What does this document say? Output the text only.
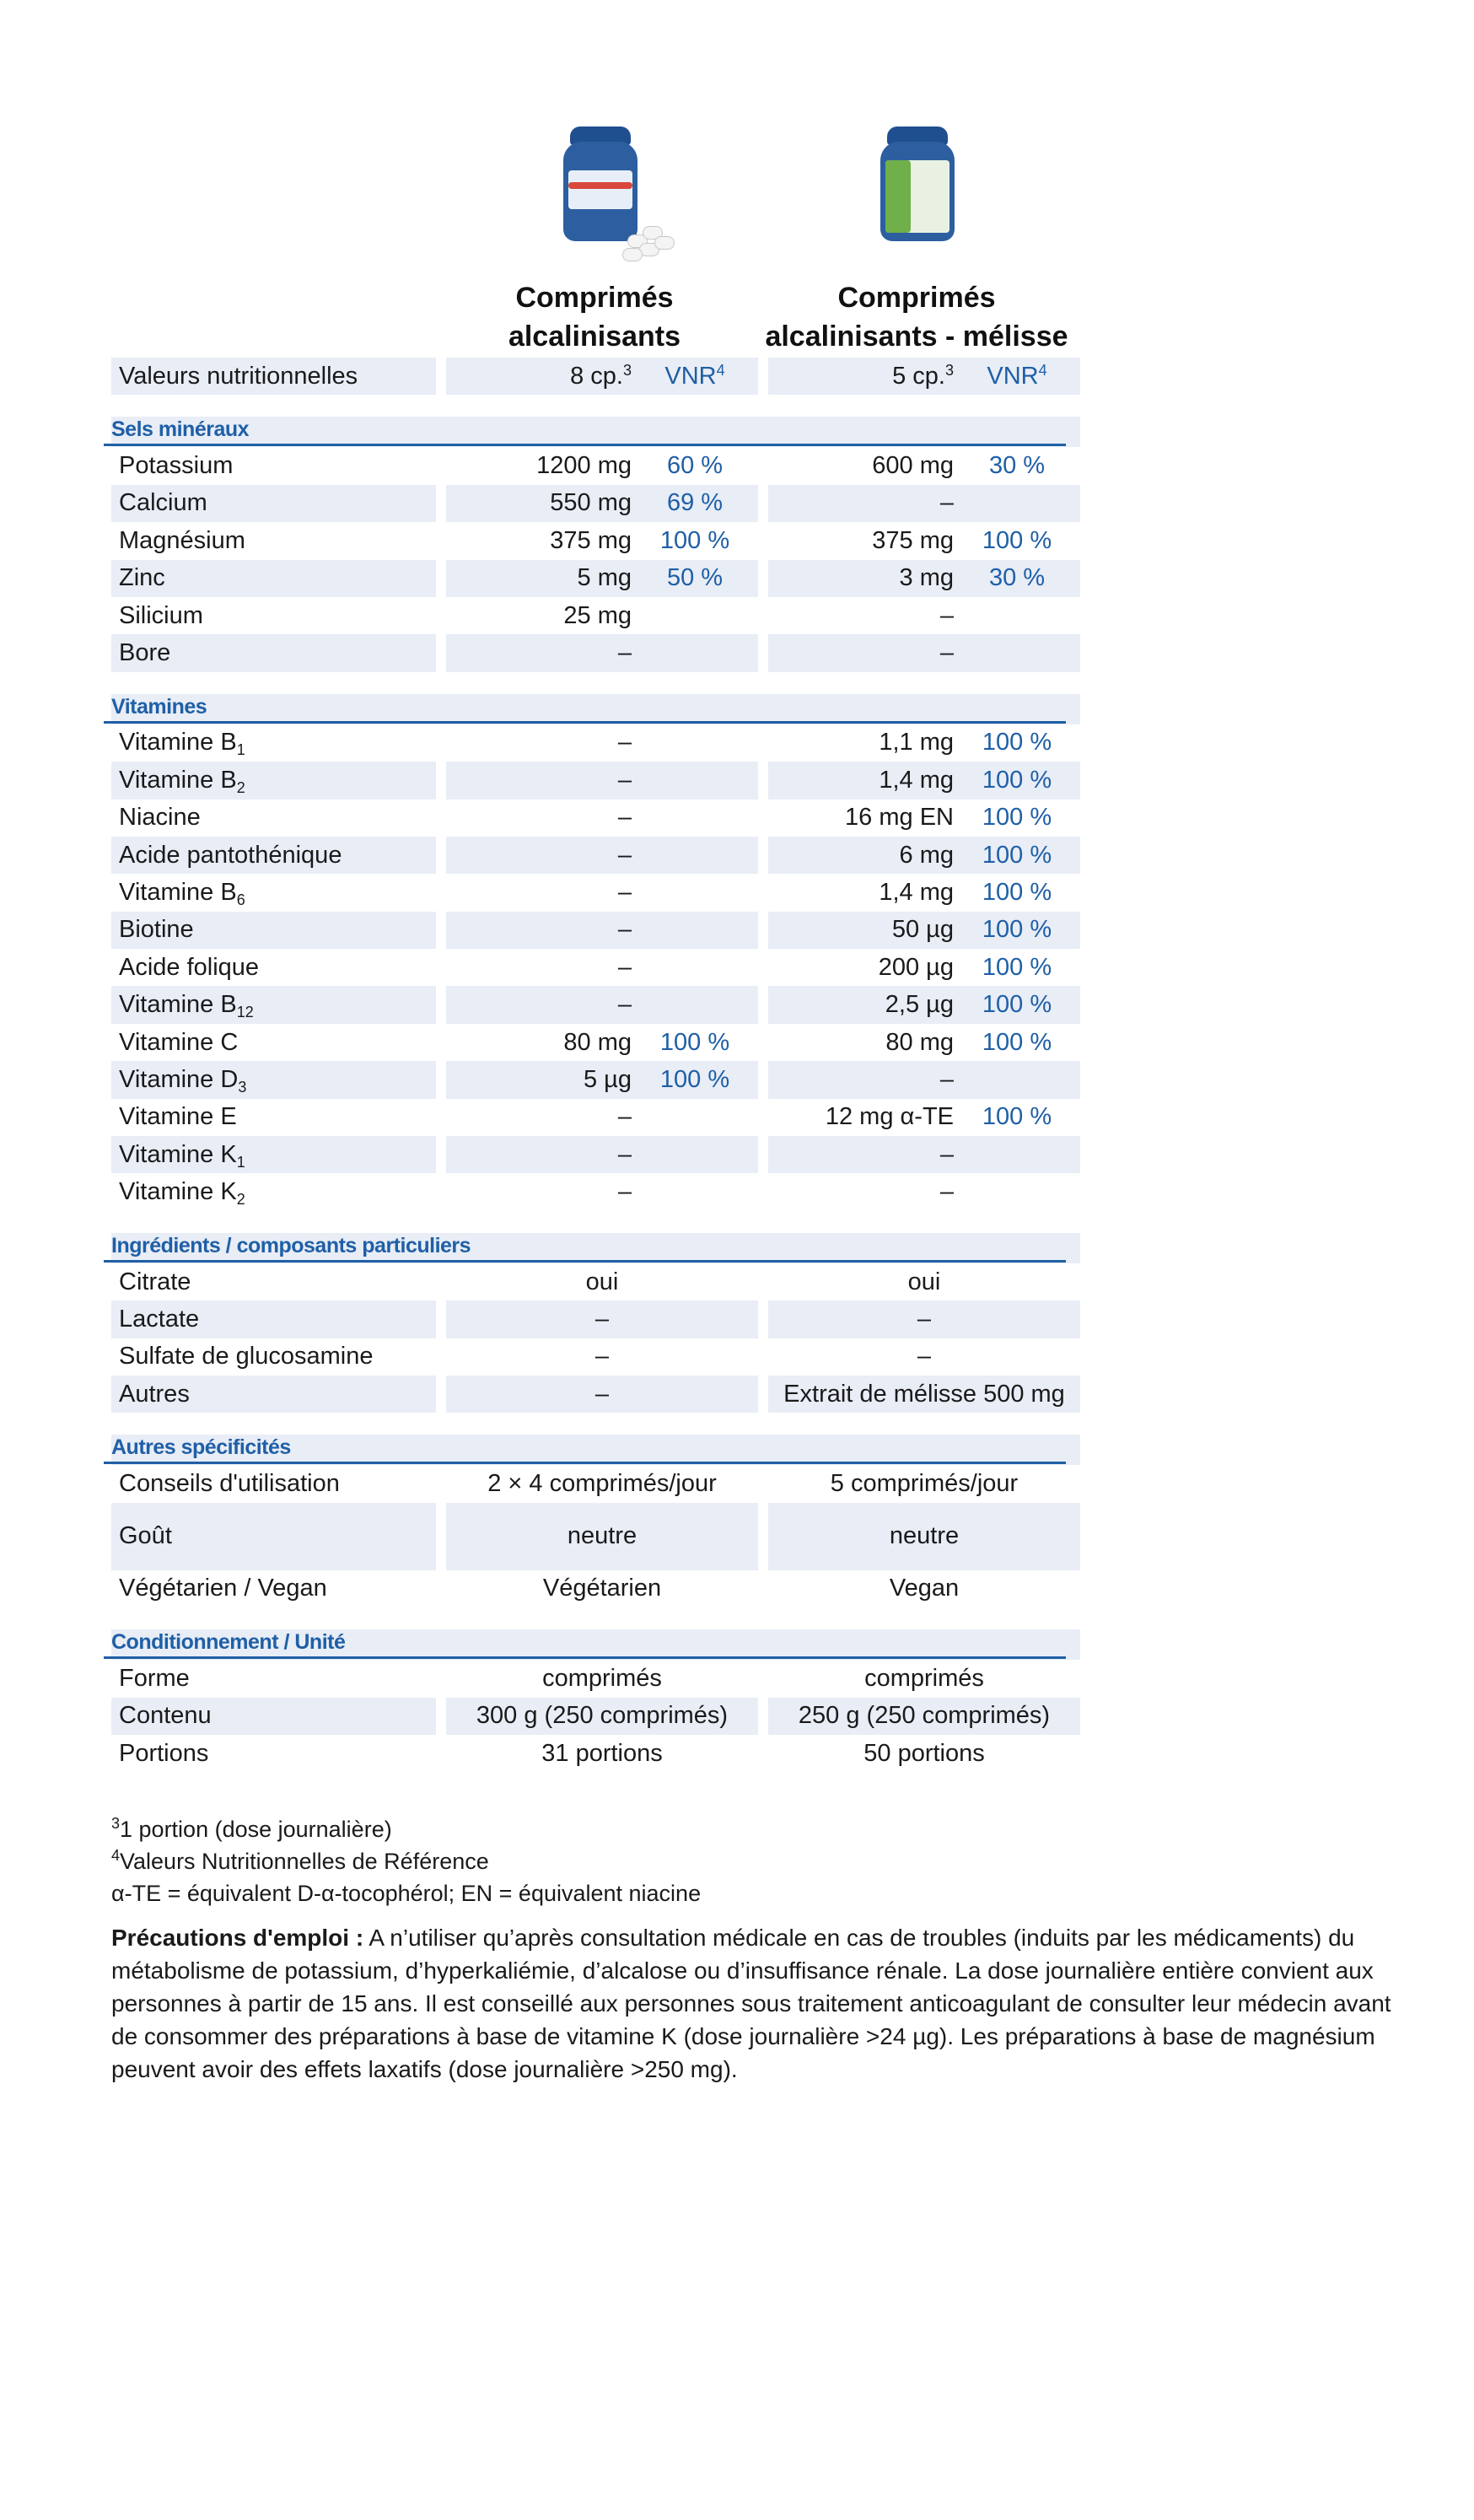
Comprimés
alcalinisants
Comprimés
alcalinisants - mélisse
Valeurs nutritionnelles		8 cp.$^3$	VNR$^4$		5 cp.$^3$	VNR$^4$

Sels minéraux						

Potassium		1200 mg	60 %		600 mg	30 %
Calcium		550 mg	69 %		–	
Magnésium		375 mg	100 %		375 mg	100 %
Zinc		5 mg	50 %		3 mg	30 %
Silicium		25 mg			–	
Bore		–			–	

Vitamines						

Vitamine $B_1$		–			1,1 mg	100 %
Vitamine $B_2$		–			1,4 mg	100 %
Niacine		–			16 mg EN	100 %
Acide pantothénique		–			6 mg	100 %
Vitamine $B_6$		–			1,4 mg	100 %
Biotine		–			50 µg	100 %
Acide folique		–			200 µg	100 %
Vitamine $B_{12}$		–			2,5 µg	100 %
Vitamine C		80 mg	100 %		80 mg	100 %
Vitamine $D_3$		5 µg	100 %		–	
Vitamine E		–			12 mg α-TE	100 %
Vitamine $K_1$		–			–	
Vitamine $K_2$		–			–	

Ingrédients / composants particuliers						

Citrate		oui			oui	
Lactate		–			–	
Sulfate de glucosamine		–			–	
Autres		–			Extrait de mélisse 500 mg	

Autres spécificités						

Conseils d'utilisation		2 × 4 comprimés/jour			5 comprimés/jour	
Goût		neutre			neutre	
Végétarien / Vegan		Végétarien			Vegan	

Conditionnement / Unité						

Forme		comprimés			comprimés	
Contenu		300 g (250 comprimés)			250 g (250 comprimés)	
Portions		31 portions			50 portions	
$^3$1 portion (dose journalière)
$^4$Valeurs Nutritionnelles de Référence
α-TE = équivalent D-α-tocophérol; EN = équivalent niacine
Précautions d'emploi : A n’utiliser qu’après consultation médicale en cas de troubles (induits par les médicaments) du métabolisme de potassium, d’hyperkaliémie, d’alcalose ou d’insuffisance rénale. La dose journalière entière convient aux personnes à partir de 15 ans. Il est conseillé aux personnes sous traitement anticoagulant de consulter leur médecin avant de consommer des préparations à base de vitamine K (dose journalière >24 µg). Les préparations à base de magnésium peuvent avoir des effets laxatifs (dose journalière >250 mg).
